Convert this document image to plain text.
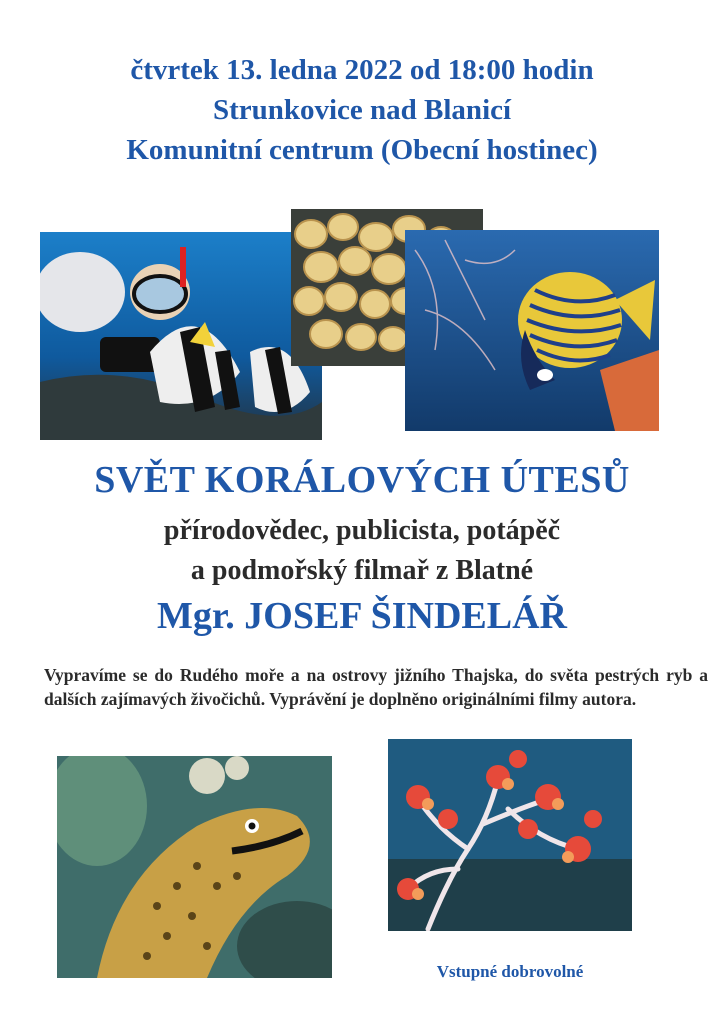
čtvrtek 13. ledna 2022 od 18:00 hodin
Strunkovice nad Blanicí
Komunitní centrum (Obecní hostinec)
SVĚT KORÁLOVÝCH ÚTESŮ
přírodovědec, publicista, potápěč
a podmořský filmař z Blatné
Mgr. JOSEF ŠINDELÁŘ
Vypravíme se do Rudého moře a na ostrovy jižního Thajska, do světa pestrých ryb a dalších zajímavých živočichů. Vyprávění je doplněno originálními filmy autora.
Vstupné dobrovolné
